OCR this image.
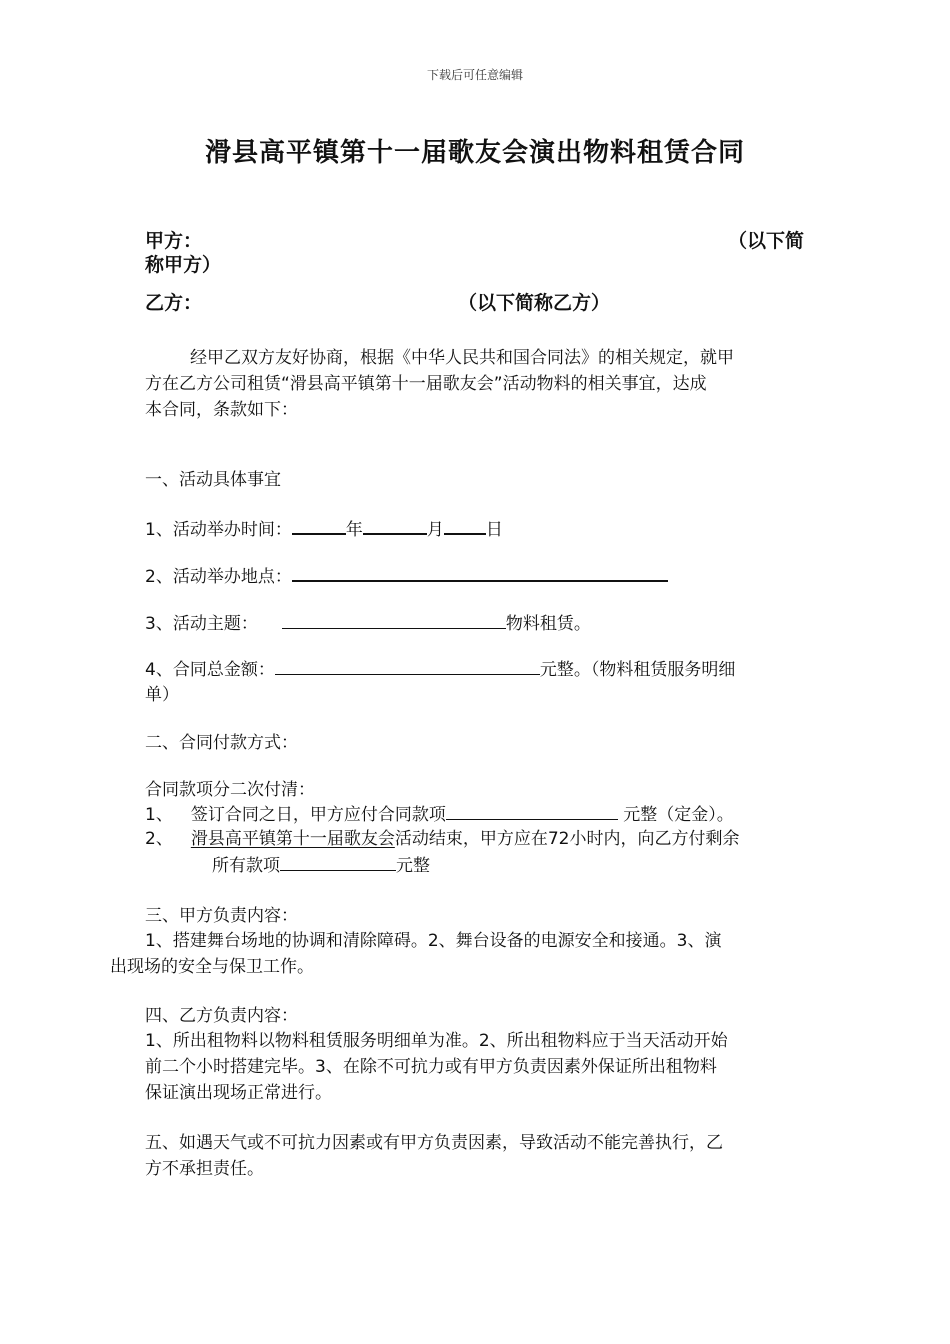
下载后可任意编辑
滑县高平镇第十一届歌友会演出物料租赁合同
甲方：	（以下简
称甲方）
乙方：	（以下简称乙方）
经甲乙双方友好协商，根据《中华人民共和国合同法》的相关规定，就甲
方在乙方公司租赁“滑县高平镇第十一届歌友会”活动物料的相关事宜，达成
本合同，条款如下：
一、活动具体事宜
1、活动举办时间：	年	月 日
2、活动举办地点：
3、活动主题：	物料租赁。
4、合同总金额：	元整。（物料租赁服务明细
单）
二、合同付款方式：
合同款项分二次付清：
1、 签订合同之日，甲方应付合同款项	元整（定金）。
2、 滑县高平镇第十一届歌友会活动结束，甲方应在72小时内，向乙方付剩余
所有款项	元整
三、甲方负责内容：
1、搭建舞台场地的协调和清除障碍。2、舞台设备的电源安全和接通。3、演
出现场的安全与保卫工作。
四、乙方负责内容：
1、所出租物料以物料租赁服务明细单为准。2、所出租物料应于当天活动开始
前二个小时搭建完毕。3、在除不可抗力或有甲方负责因素外保证所出租物料
保证演出现场正常进行。
五、如遇天气或不可抗力因素或有甲方负责因素，导致活动不能完善执行，乙
方不承担责任。
